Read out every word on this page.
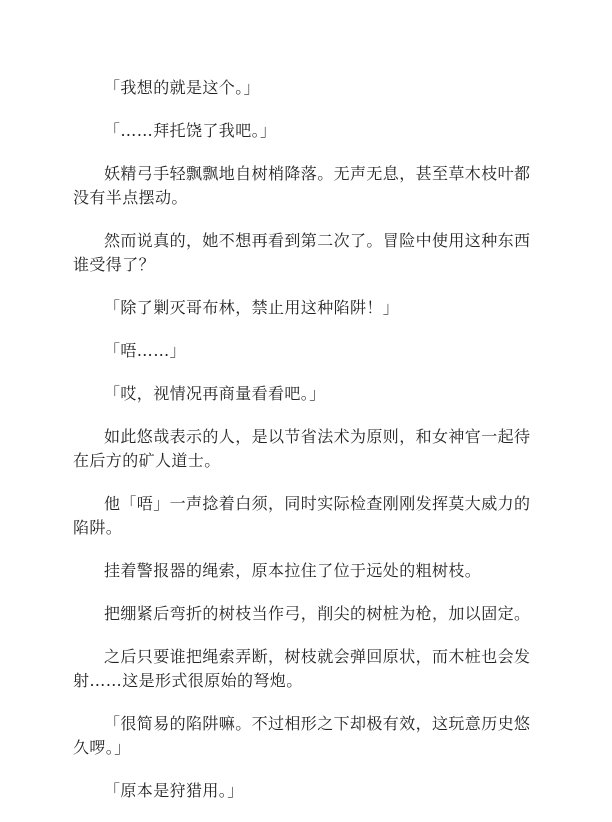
「我想的就是这个。」

「……拜托饶了我吧。」

妖精弓手轻飘飘地自树梢降落。无声无息，甚至草木枝叶都没有半点摆动。

然而说真的，她不想再看到第二次了。冒险中使用这种东西谁受得了？

「除了剿灭哥布林，禁止用这种陷阱！」

「唔……」

「哎，视情况再商量看看吧。」

如此悠哉表示的人，是以节省法术为原则，和女神官一起待在后方的矿人道士。

他「唔」一声捻着白须，同时实际检查刚刚发挥莫大威力的陷阱。

挂着警报器的绳索，原本拉住了位于远处的粗树枝。

把绷紧后弯折的树枝当作弓，削尖的树桩为枪，加以固定。

之后只要谁把绳索弄断，树枝就会弹回原状，而木桩也会发射……这是形式很原始的弩炮。

「很简易的陷阱嘛。不过相形之下却极有效，这玩意历史悠久啰。」

「原本是狩猎用。」
